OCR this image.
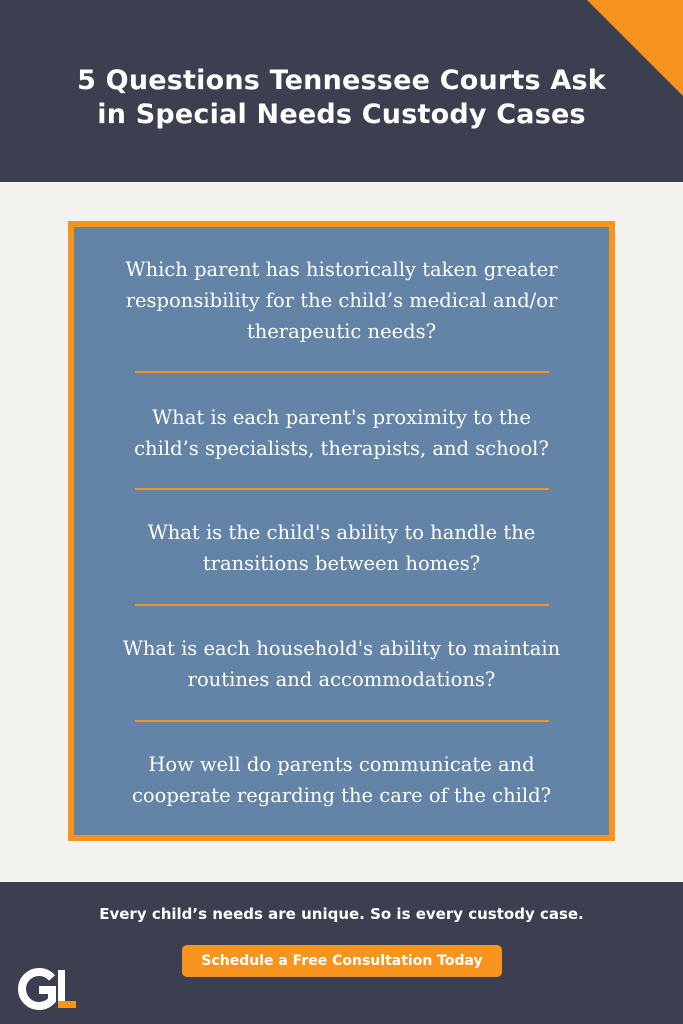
5 Questions Tennessee Courts Ask
in Special Needs Custody Cases

Which parent has historically taken greater
responsibility for the child’s medical and/or
therapeutic needs?

What is each parent's proximity to the
child’s specialists, therapists, and school?

What is the child's ability to handle the
transitions between homes?

What is each household's ability to maintain
routines and accommodations?

How well do parents communicate and
cooperate regarding the care of the child?

Every child’s needs are unique. So is every custody case.

Schedule a Free Consultation Today
